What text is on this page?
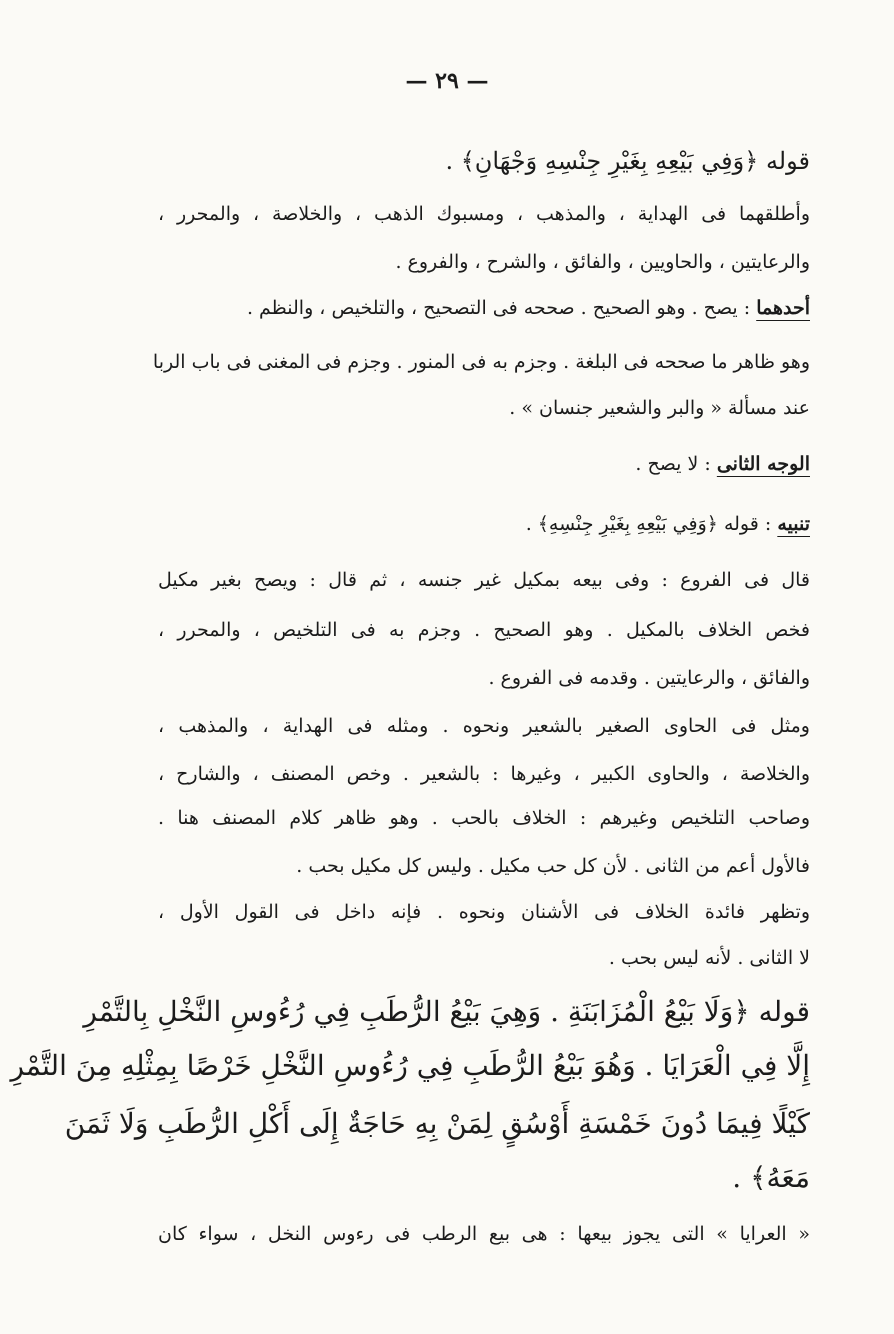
— ٢٩ —
قوله ﴿وَفِي بَيْعِهِ بِغَيْرِ جِنْسِهِ وَجْهَانِ﴾ .
وأطلقهما فى الهداية ، والمذهب ، ومسبوك الذهب ، والخلاصة ، والمحرر ،
والرعايتين ، والحاويين ، والفائق ، والشرح ، والفروع .
أحدهما : يصح . وهو الصحيح . صححه فى التصحيح ، والتلخيص ، والنظم .
وهو ظاهر ما صححه فى البلغة . وجزم به فى المنور . وجزم فى المغنى فى باب الربا
عند مسألة « والبر والشعير جنسان » .
الوجه الثانى : لا يصح .
تنبيه : قوله ﴿وَفِي بَيْعِهِ بِغَيْرِ جِنْسِهِ﴾ .
قال فى الفروع : وفى بيعه بمكيل غير جنسه ، ثم قال : ويصح بغير مكيل
فخص الخلاف بالمكيل . وهو الصحيح . وجزم به فى التلخيص ، والمحرر ،
والفائق ، والرعايتين . وقدمه فى الفروع .
ومثل فى الحاوى الصغير بالشعير ونحوه . ومثله فى الهداية ، والمذهب ،
والخلاصة ، والحاوى الكبير ، وغيرها : بالشعير . وخص المصنف ، والشارح ،
وصاحب التلخيص وغيرهم : الخلاف بالحب . وهو ظاهر كلام المصنف هنا .
فالأول أعم من الثانى . لأن كل حب مكيل . وليس كل مكيل بحب .
وتظهر فائدة الخلاف فى الأشنان ونحوه . فإنه داخل فى القول الأول ،
لا الثانى . لأنه ليس بحب .
قوله ﴿وَلَا بَيْعُ الْمُزَابَنَةِ . وَهِيَ بَيْعُ الرُّطَبِ فِي رُءُوسِ النَّخْلِ بِالتَّمْرِ
إِلَّا فِي الْعَرَايَا . وَهُوَ بَيْعُ الرُّطَبِ فِي رُءُوسِ النَّخْلِ خَرْصًا بِمِثْلِهِ مِنَ التَّمْرِ
كَيْلًا فِيمَا دُونَ خَمْسَةِ أَوْسُقٍ لِمَنْ بِهِ حَاجَةٌ إِلَى أَكْلِ الرُّطَبِ وَلَا ثَمَنَ
مَعَهُ﴾ .
« العرايا » التى يجوز بيعها : هى بيع الرطب فى رءوس النخل ، سواء كان
